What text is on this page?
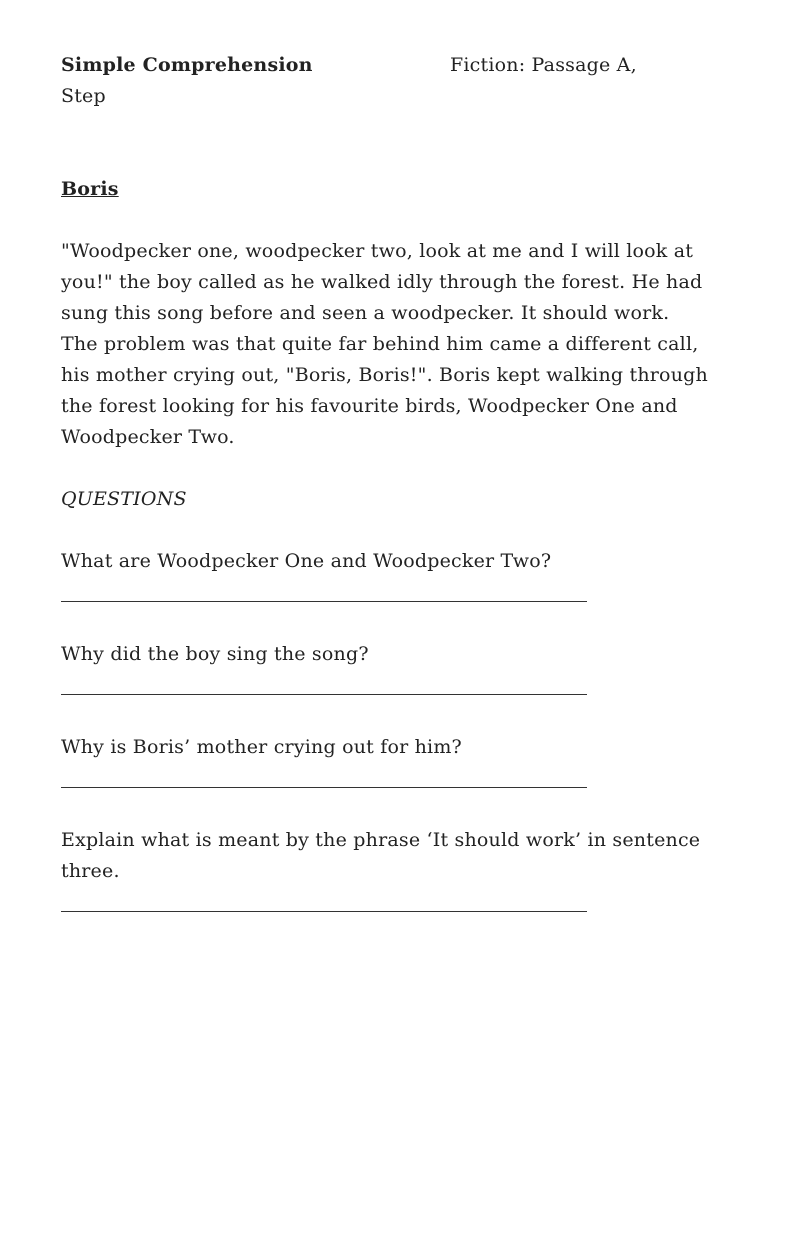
Simple Comprehension	Fiction: Passage A,
Step
Boris
"Woodpecker one, woodpecker two, look at me and I will look at you!" the boy called as he walked idly through the forest. He had sung this song before and seen a woodpecker. It should work. The problem was that quite far behind him came a different call, his mother crying out, "Boris, Boris!". Boris kept walking through the forest looking for his favourite birds, Woodpecker One and Woodpecker Two.
QUESTIONS
What are Woodpecker One and Woodpecker Two?
Why did the boy sing the song?
Why is Boris’ mother crying out for him?
Explain what is meant by the phrase ‘It should work’ in sentence three.
